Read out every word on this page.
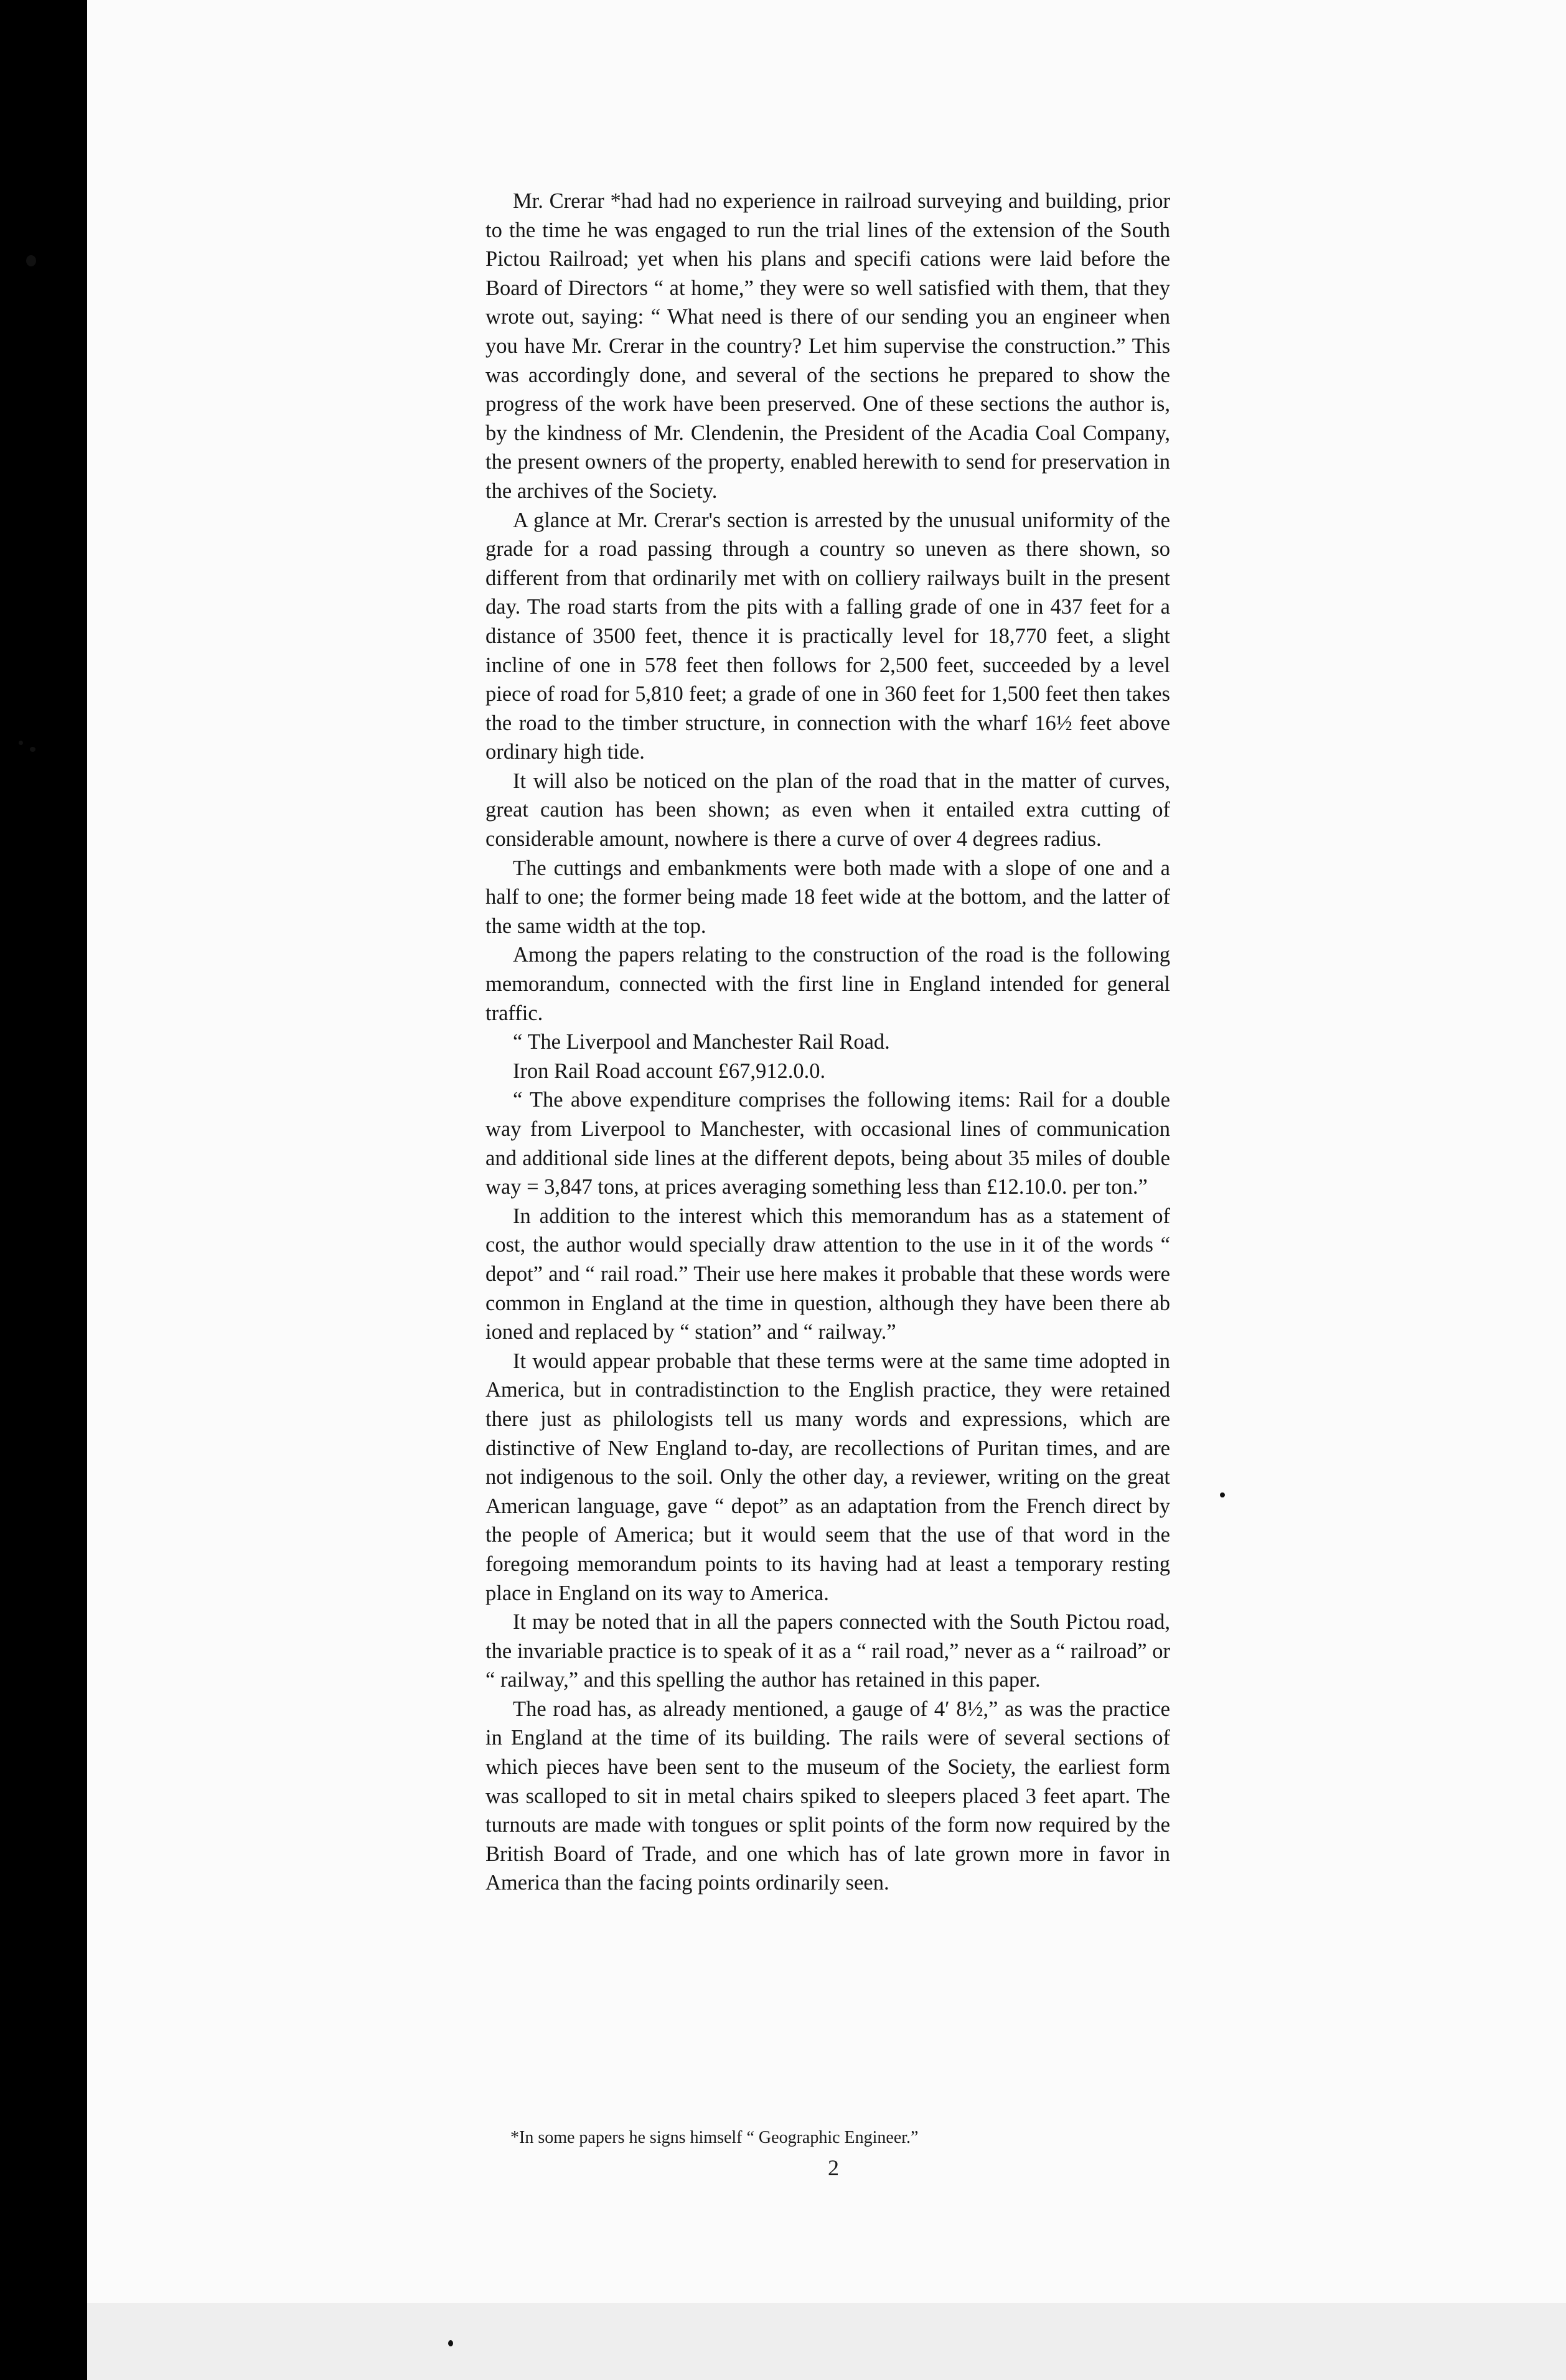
Mr. Crerar *had had no experience in railroad surveying and building, prior to the time he was engaged to run the trial lines of the extension of the South Pictou Railroad; yet when his plans and specifi cations were laid before the Board of Directors “ at home,” they were so well satisfied with them, that they wrote out, saying: “ What need is there of our sending you an engineer when you have Mr. Crerar in the country? Let him supervise the construction.” This was accordingly done, and several of the sections he prepared to show the progress of the work have been preserved. One of these sections the author is, by the kindness of Mr. Clendenin, the President of the Acadia Coal Company, the present owners of the property, enabled herewith to send for preservation in the archives of the Society.

A glance at Mr. Crerar's section is arrested by the unusual uniformity of the grade for a road passing through a country so uneven as there shown, so different from that ordinarily met with on colliery railways built in the present day. The road starts from the pits with a falling grade of one in 437 feet for a distance of 3500 feet, thence it is practically level for 18,770 feet, a slight incline of one in 578 feet then follows for 2,500 feet, succeeded by a level piece of road for 5,810 feet; a grade of one in 360 feet for 1,500 feet then takes the road to the timber structure, in connection with the wharf 16½ feet above ordinary high tide.

It will also be noticed on the plan of the road that in the matter of curves, great caution has been shown; as even when it entailed extra cutting of considerable amount, nowhere is there a curve of over 4 degrees radius.

The cuttings and embankments were both made with a slope of one and a half to one; the former being made 18 feet wide at the bottom, and the latter of the same width at the top.

Among the papers relating to the construction of the road is the following memorandum, connected with the first line in England intended for general traffic.

“ The Liverpool and Manchester Rail Road.

Iron Rail Road account £67,912.0.0.

“ The above expenditure comprises the following items: Rail for a double way from Liverpool to Manchester, with occasional lines of communication and additional side lines at the different depots, being about 35 miles of double way = 3,847 tons, at prices averaging something less than £12.10.0. per ton.”

In addition to the interest which this memorandum has as a statement of cost, the author would specially draw attention to the use in it of the words “ depot” and “ rail road.” Their use here makes it probable that these words were common in England at the time in question, although they have been there ab ioned and replaced by “ station” and “ railway.”

It would appear probable that these terms were at the same time adopted in America, but in contradistinction to the English practice, they were retained there just as philologists tell us many words and expressions, which are distinctive of New England to-day, are recollections of Puritan times, and are not indigenous to the soil. Only the other day, a reviewer, writing on the great American language, gave “ depot” as an adaptation from the French direct by the people of America; but it would seem that the use of that word in the foregoing memorandum points to its having had at least a temporary resting place in England on its way to America.

It may be noted that in all the papers connected with the South Pictou road, the invariable practice is to speak of it as a “ rail road,” never as a “ railroad” or “ railway,” and this spelling the author has retained in this paper.

The road has, as already mentioned, a gauge of 4′ 8½,” as was the practice in England at the time of its building. The rails were of several sections of which pieces have been sent to the museum of the Society, the earliest form was scalloped to sit in metal chairs spiked to sleepers placed 3 feet apart. The turnouts are made with tongues or split points of the form now required by the British Board of Trade, and one which has of late grown more in favor in America than the facing points ordinarily seen.

*In some papers he signs himself “ Geographic Engineer.”
2
